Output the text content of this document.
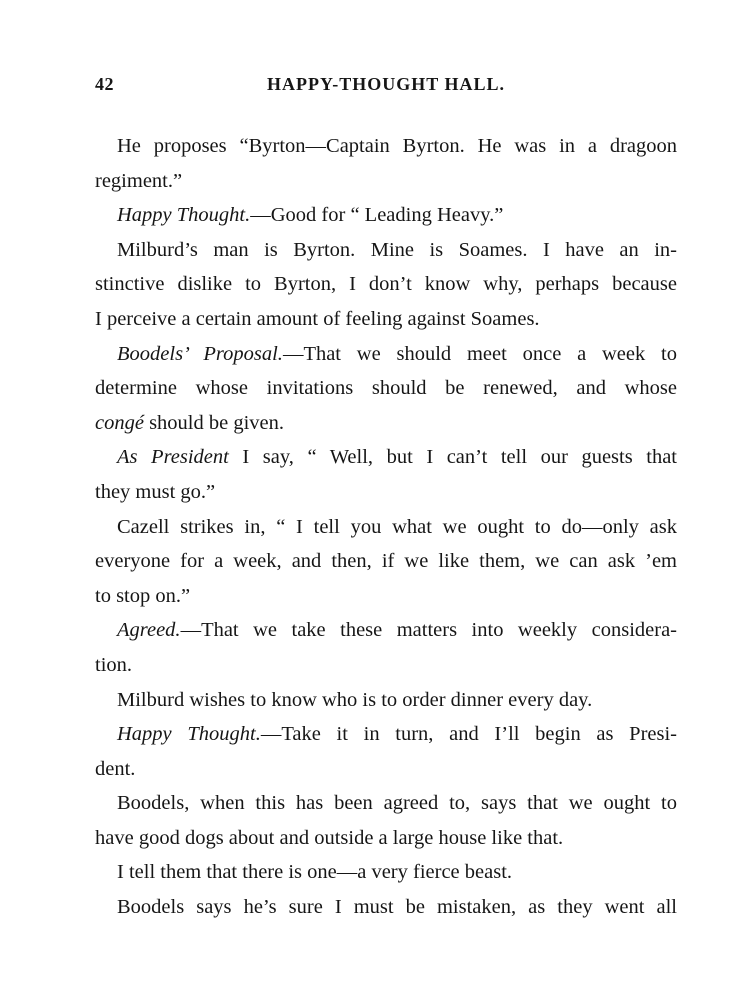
42	HAPPY-THOUGHT HALL.
He proposes “Byrton—Captain Byrton. He was in a dragoon
regiment.”
Happy Thought.—Good for “ Leading Heavy.”
Milburd’s man is Byrton. Mine is Soames. I have an in-
stinctive dislike to Byrton, I don’t know why, perhaps because
I perceive a certain amount of feeling against Soames.
Boodels’ Proposal.—That we should meet once a week to
determine whose invitations should be renewed, and whose
congé should be given.
As President I say, “ Well, but I can’t tell our guests that
they must go.”
Cazell strikes in, “ I tell you what we ought to do—only ask
everyone for a week, and then, if we like them, we can ask ’em
to stop on.”
Agreed.—That we take these matters into weekly considera-
tion.
Milburd wishes to know who is to order dinner every day.
Happy Thought.—Take it in turn, and I’ll begin as Presi-
dent.
Boodels, when this has been agreed to, says that we ought to
have good dogs about and outside a large house like that.
I tell them that there is one—a very fierce beast.
Boodels says he’s sure I must be mistaken, as they went all
